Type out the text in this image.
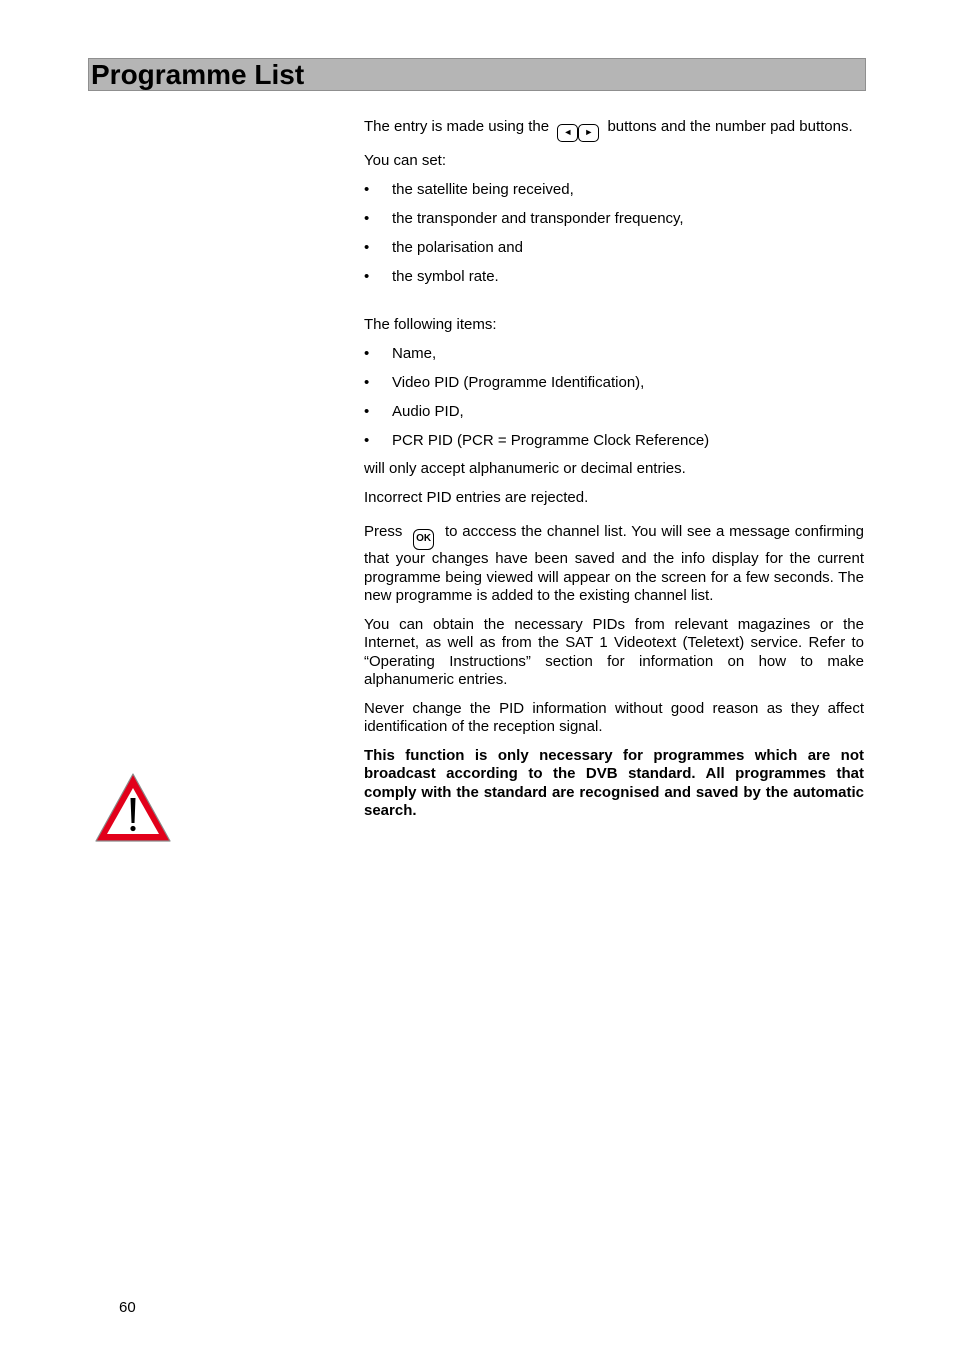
Programme List

The entry is made using the ◄ ► buttons and the number pad buttons.

You can set:

• the satellite being received,
• the transponder and transponder frequency,
• the polarisation and
• the symbol rate.

The following items:

• Name,
• Video PID (Programme Identification),
• Audio PID,
• PCR PID (PCR = Programme Clock Reference)

will only accept alphanumeric or decimal entries.

Incorrect PID entries are rejected.

Press OK to acccess the channel list. You will see a message confirming that your changes have been saved and the info display for the current programme being viewed will appear on the screen for a few seconds. The new programme is added to the existing channel list.

You can obtain the necessary PIDs from relevant magazines or the Internet, as well as from the SAT 1 Videotext (Teletext) service. Refer to “Operating Instructions” section for information on how to make alphanumeric entries.

Never change the PID information without good reason as they affect identification of the reception signal.

This function is only necessary for programmes which are not broadcast according to the DVB standard. All programmes that comply with the standard are recognised and saved by the automatic search.

60
